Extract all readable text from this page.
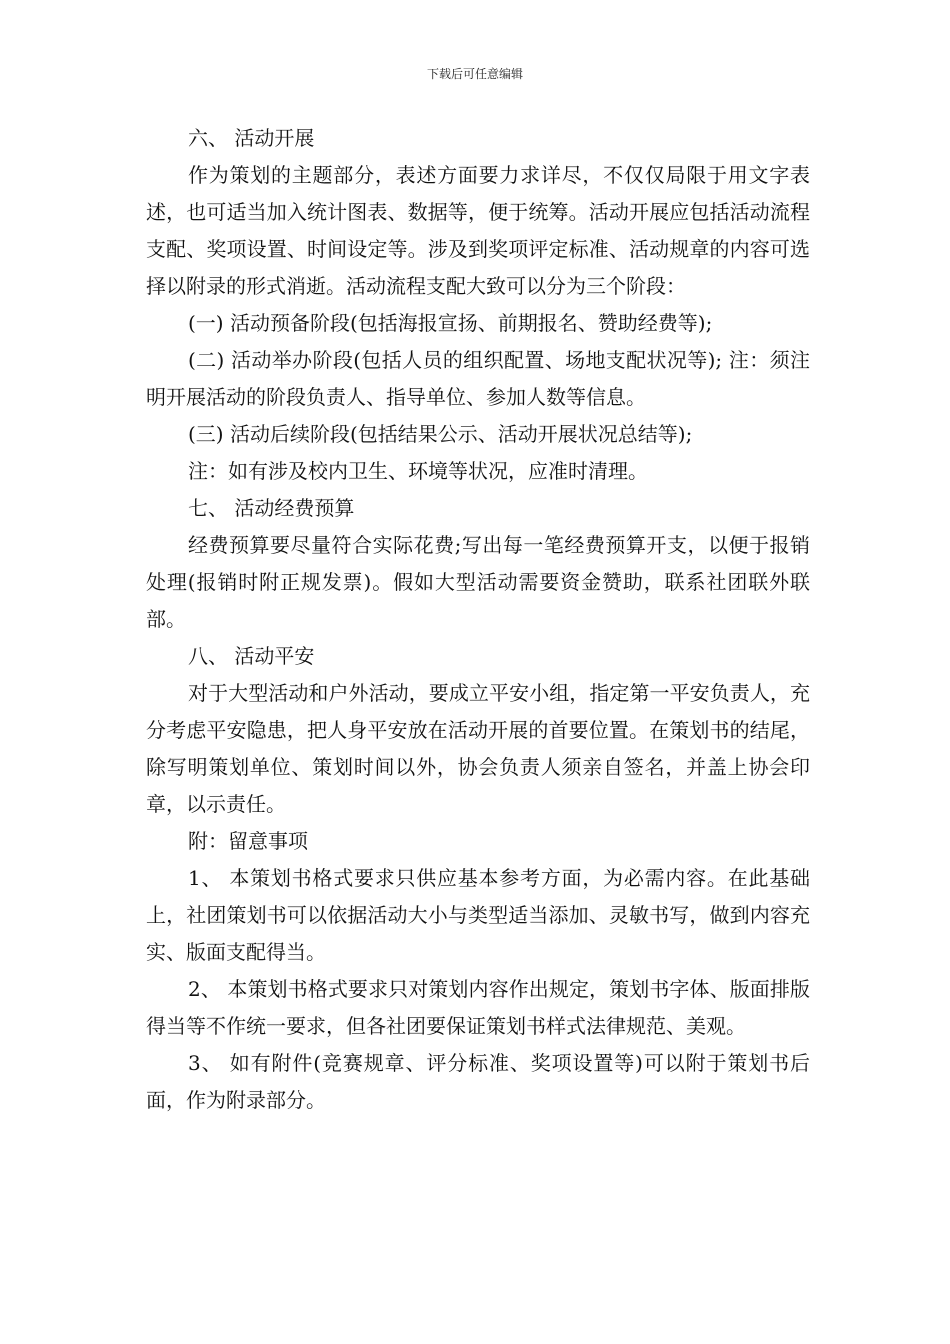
下载后可任意编辑

六、 活动开展

作为策划的主题部分，表述方面要力求详尽，不仅仅局限于用文字表述，也可适当加入统计图表、数据等，便于统筹。活动开展应包括活动流程支配、奖项设置、时间设定等。涉及到奖项评定标准、活动规章的内容可选择以附录的形式消逝。活动流程支配大致可以分为三个阶段：

(一) 活动预备阶段(包括海报宣扬、前期报名、赞助经费等);

(二) 活动举办阶段(包括人员的组织配置、场地支配状况等); 注：须注明开展活动的阶段负责人、指导单位、参加人数等信息。

(三) 活动后续阶段(包括结果公示、活动开展状况总结等);

注：如有涉及校内卫生、环境等状况，应准时清理。

七、 活动经费预算

经费预算要尽量符合实际花费;写出每一笔经费预算开支，以便于报销处理(报销时附正规发票)。假如大型活动需要资金赞助，联系社团联外联部。

八、 活动平安

对于大型活动和户外活动，要成立平安小组，指定第一平安负责人，充分考虑平安隐患，把人身平安放在活动开展的首要位置。在策划书的结尾，除写明策划单位、策划时间以外，协会负责人须亲自签名，并盖上协会印章，以示责任。

附：留意事项

1、 本策划书格式要求只供应基本参考方面，为必需内容。在此基础上，社团策划书可以依据活动大小与类型适当添加、灵敏书写，做到内容充实、版面支配得当。

2、 本策划书格式要求只对策划内容作出规定，策划书字体、版面排版得当等不作统一要求，但各社团要保证策划书样式法律规范、美观。

3、 如有附件(竞赛规章、评分标准、奖项设置等)可以附于策划书后面，作为附录部分。
